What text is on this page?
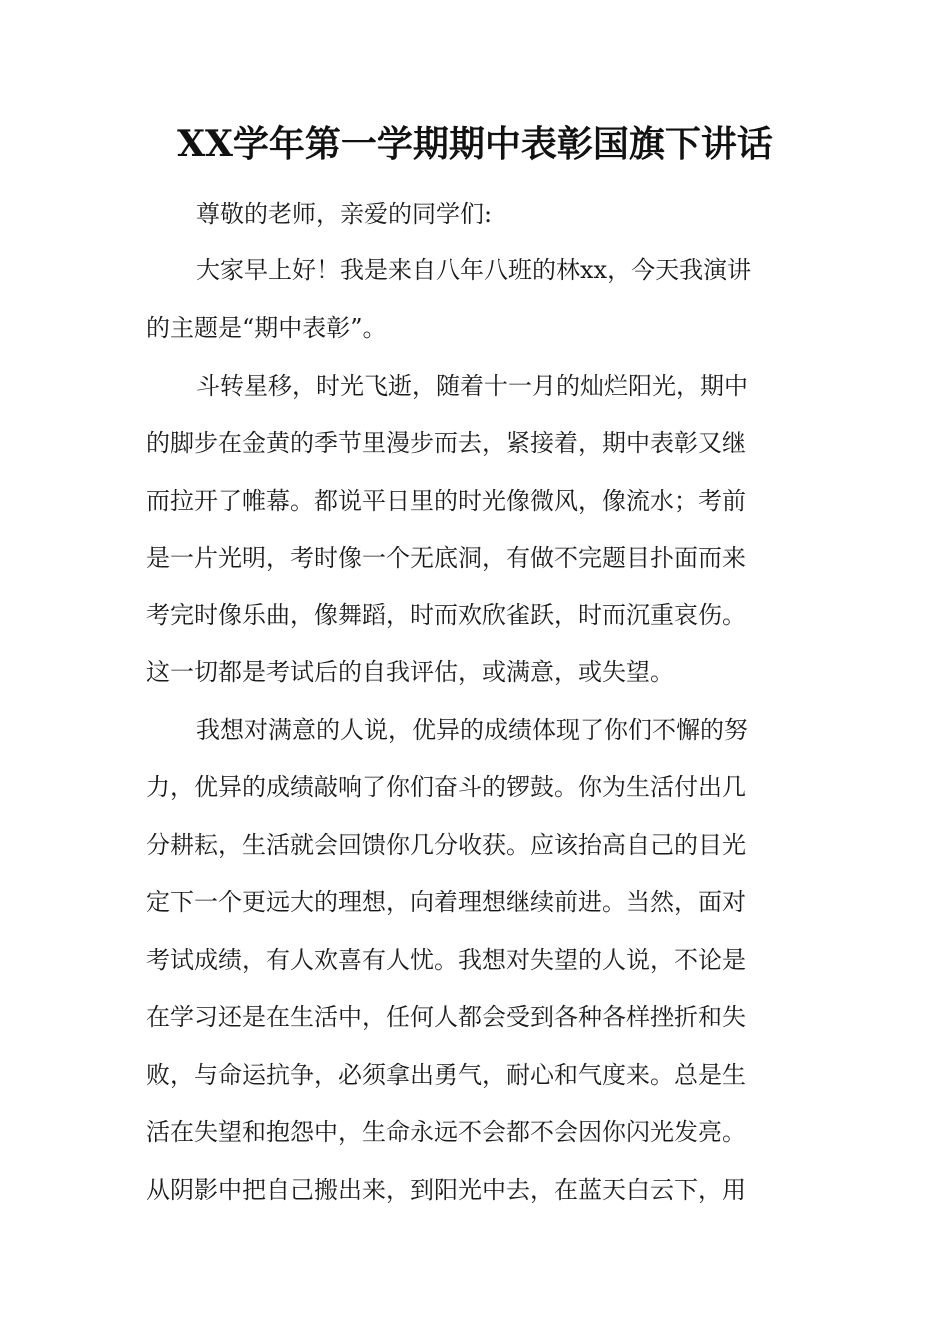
XX学年第一学期期中表彰国旗下讲话
尊敬的老师，亲爱的同学们:
大家早上好！我是来自八年八班的林xx，今天我演讲
的主题是“期中表彰”。
斗转星移，时光飞逝，随着十一月的灿烂阳光，期中
的脚步在金黄的季节里漫步而去，紧接着，期中表彰又继
而拉开了帷幕。都说平日里的时光像微风，像流水；考前
是一片光明，考时像一个无底洞，有做不完题目扑面而来
考完时像乐曲，像舞蹈，时而欢欣雀跃，时而沉重哀伤。
这一切都是考试后的自我评估，或满意，或失望。
我想对满意的人说，优异的成绩体现了你们不懈的努
力，优异的成绩敲响了你们奋斗的锣鼓。你为生活付出几
分耕耘，生活就会回馈你几分收获。应该抬高自己的目光
定下一个更远大的理想，向着理想继续前进。当然，面对
考试成绩，有人欢喜有人忧。我想对失望的人说，不论是
在学习还是在生活中，任何人都会受到各种各样挫折和失
败，与命运抗争，必须拿出勇气，耐心和气度来。总是生
活在失望和抱怨中，生命永远不会都不会因你闪光发亮。
从阴影中把自己搬出来，到阳光中去，在蓝天白云下，用
